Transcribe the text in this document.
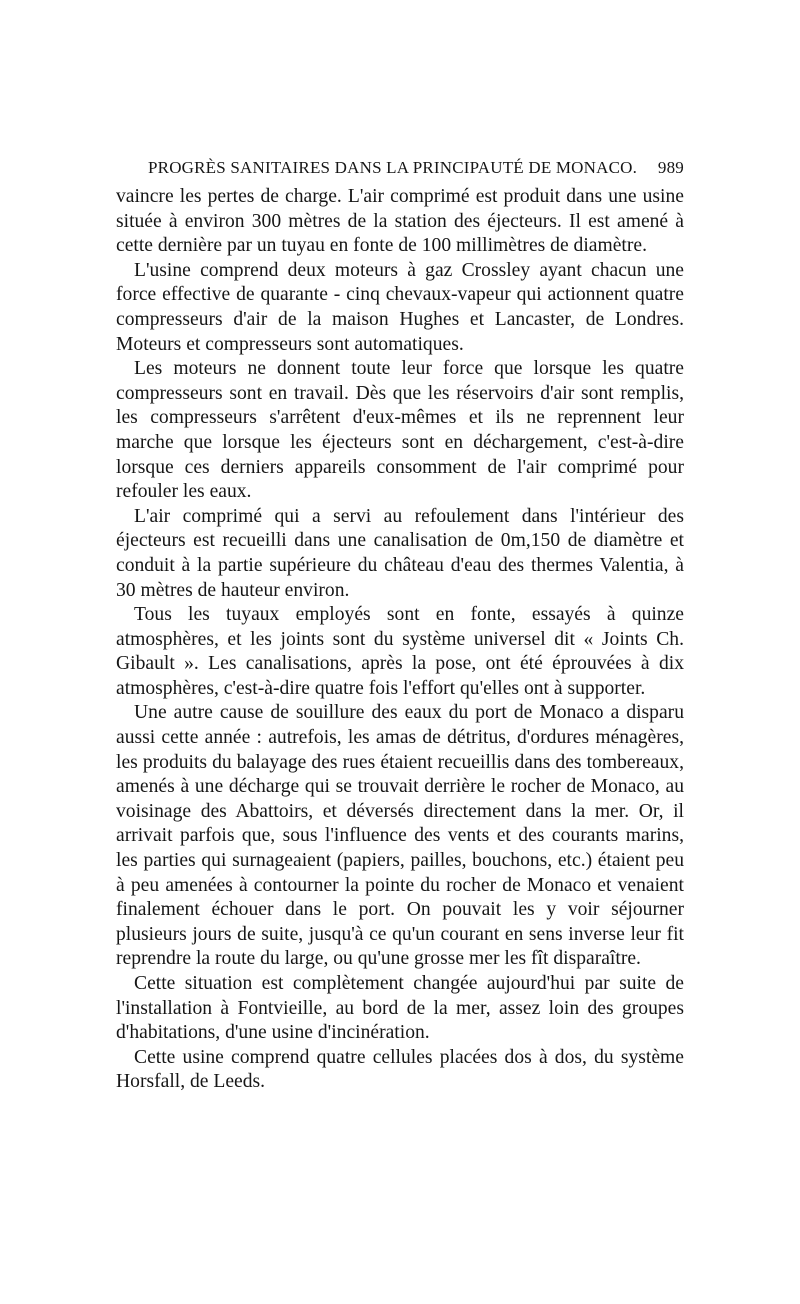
PROGRÈS SANITAIRES DANS LA PRINCIPAUTÉ DE MONACO. 989

vaincre les pertes de charge. L'air comprimé est produit dans une usine située à environ 300 mètres de la station des éjecteurs. Il est amené à cette dernière par un tuyau en fonte de 100 millimètres de diamètre.

L'usine comprend deux moteurs à gaz Crossley ayant chacun une force effective de quarante - cinq chevaux-vapeur qui actionnent quatre compresseurs d'air de la maison Hughes et Lancaster, de Londres. Moteurs et compresseurs sont automatiques.

Les moteurs ne donnent toute leur force que lorsque les quatre compresseurs sont en travail. Dès que les réservoirs d'air sont remplis, les compresseurs s'arrêtent d'eux-mêmes et ils ne reprennent leur marche que lorsque les éjecteurs sont en déchargement, c'est-à-dire lorsque ces derniers appareils consomment de l'air comprimé pour refouler les eaux.

L'air comprimé qui a servi au refoulement dans l'intérieur des éjecteurs est recueilli dans une canalisation de 0m,150 de diamètre et conduit à la partie supérieure du château d'eau des thermes Valentia, à 30 mètres de hauteur environ.

Tous les tuyaux employés sont en fonte, essayés à quinze atmosphères, et les joints sont du système universel dit « Joints Ch. Gibault ». Les canalisations, après la pose, ont été éprouvées à dix atmosphères, c'est-à-dire quatre fois l'effort qu'elles ont à supporter.

Une autre cause de souillure des eaux du port de Monaco a disparu aussi cette année : autrefois, les amas de détritus, d'ordures ménagères, les produits du balayage des rues étaient recueillis dans des tombereaux, amenés à une décharge qui se trouvait derrière le rocher de Monaco, au voisinage des Abattoirs, et déversés directement dans la mer. Or, il arrivait parfois que, sous l'influence des vents et des courants marins, les parties qui surnageaient (papiers, pailles, bouchons, etc.) étaient peu à peu amenées à contourner la pointe du rocher de Monaco et venaient finalement échouer dans le port. On pouvait les y voir séjourner plusieurs jours de suite, jusqu'à ce qu'un courant en sens inverse leur fit reprendre la route du large, ou qu'une grosse mer les fît disparaître.

Cette situation est complètement changée aujourd'hui par suite de l'installation à Fontvieille, au bord de la mer, assez loin des groupes d'habitations, d'une usine d'incinération.

Cette usine comprend quatre cellules placées dos à dos, du système Horsfall, de Leeds.
